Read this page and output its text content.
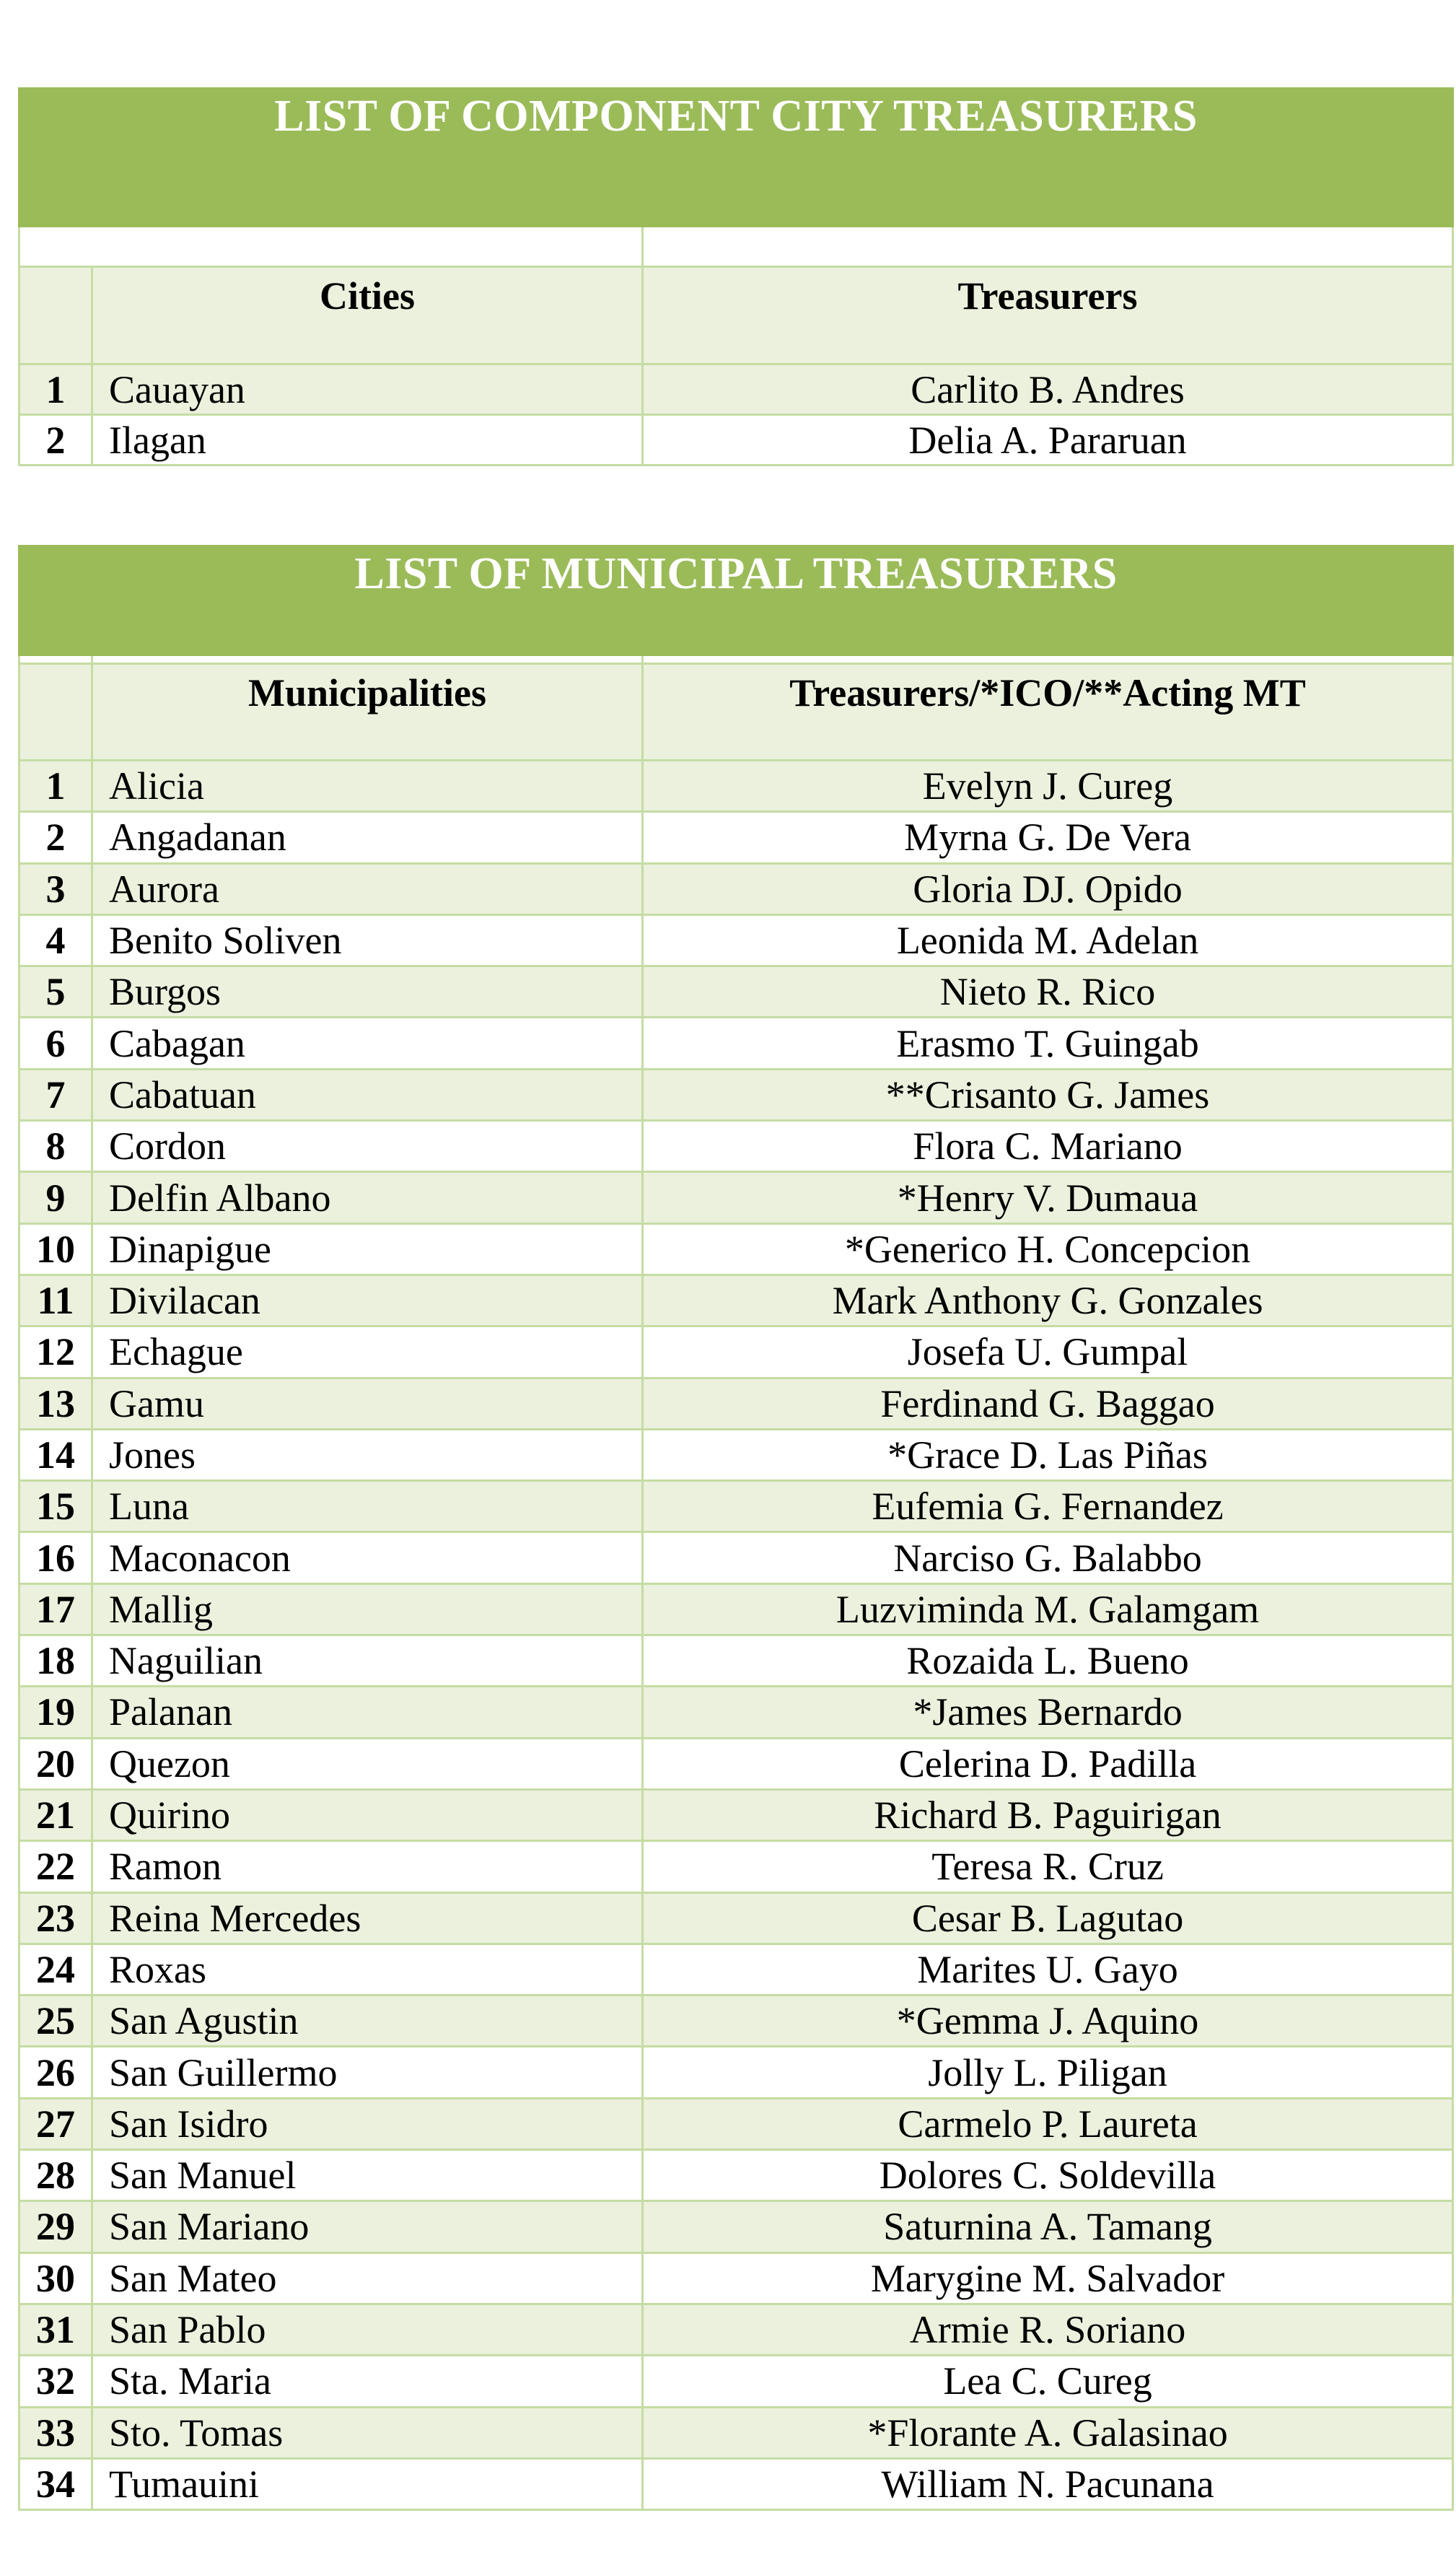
LIST OF COMPONENT CITY TREASURERS		

	Cities	Treasurers

1	Cauayan	Carlito B. Andres
2	Ilagan	Delia A. Pararuan
LIST OF MUNICIPAL TREASURERS		

	Municipalities	Treasurers/*ICO/**Acting MT

1	Alicia	Evelyn J. Cureg
2	Angadanan	Myrna G. De Vera
3	Aurora	Gloria DJ. Opido
4	Benito Soliven	Leonida M. Adelan
5	Burgos	Nieto R. Rico
6	Cabagan	Erasmo T. Guingab
7	Cabatuan	**Crisanto G. James
8	Cordon	Flora C. Mariano
9	Delfin Albano	*Henry V. Dumaua
10	Dinapigue	*Generico H. Concepcion
11	Divilacan	Mark Anthony G. Gonzales
12	Echague	Josefa U. Gumpal
13	Gamu	Ferdinand G. Baggao
14	Jones	*Grace D. Las Piñas
15	Luna	Eufemia G. Fernandez
16	Maconacon	Narciso G. Balabbo
17	Mallig	Luzviminda M. Galamgam
18	Naguilian	Rozaida L. Bueno
19	Palanan	*James Bernardo
20	Quezon	Celerina D. Padilla
21	Quirino	Richard B. Paguirigan
22	Ramon	Teresa R. Cruz
23	Reina Mercedes	Cesar B. Lagutao
24	Roxas	Marites U. Gayo
25	San Agustin	*Gemma J. Aquino
26	San Guillermo	Jolly L. Piligan
27	San Isidro	Carmelo P. Laureta
28	San Manuel	Dolores C. Soldevilla
29	San Mariano	Saturnina A. Tamang
30	San Mateo	Marygine M. Salvador
31	San Pablo	Armie R. Soriano
32	Sta. Maria	Lea C. Cureg
33	Sto. Tomas	*Florante A. Galasinao
34	Tumauini	William N. Pacunana
